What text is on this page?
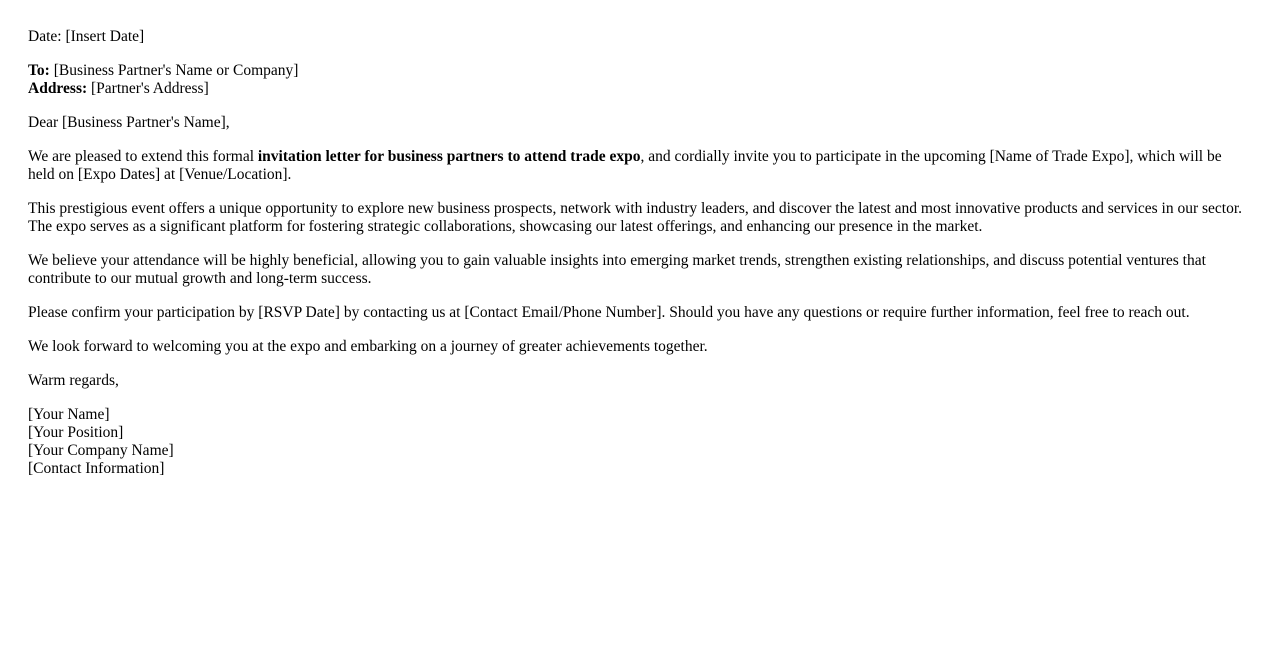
Date: [Insert Date]

To: [Business Partner's Name or Company]
Address: [Partner's Address]

Dear [Business Partner's Name],

We are pleased to extend this formal invitation letter for business partners to attend trade expo, and cordially invite you to participate in the upcoming [Name of Trade Expo], which will be held on [Expo Dates] at [Venue/Location].

This prestigious event offers a unique opportunity to explore new business prospects, network with industry leaders, and discover the latest and most innovative products and services in our sector. The expo serves as a significant platform for fostering strategic collaborations, showcasing our latest offerings, and enhancing our presence in the market.

We believe your attendance will be highly beneficial, allowing you to gain valuable insights into emerging market trends, strengthen existing relationships, and discuss potential ventures that contribute to our mutual growth and long-term success.

Please confirm your participation by [RSVP Date] by contacting us at [Contact Email/Phone Number]. Should you have any questions or require further information, feel free to reach out.

We look forward to welcoming you at the expo and embarking on a journey of greater achievements together.

Warm regards,

[Your Name]
[Your Position]
[Your Company Name]
[Contact Information]
